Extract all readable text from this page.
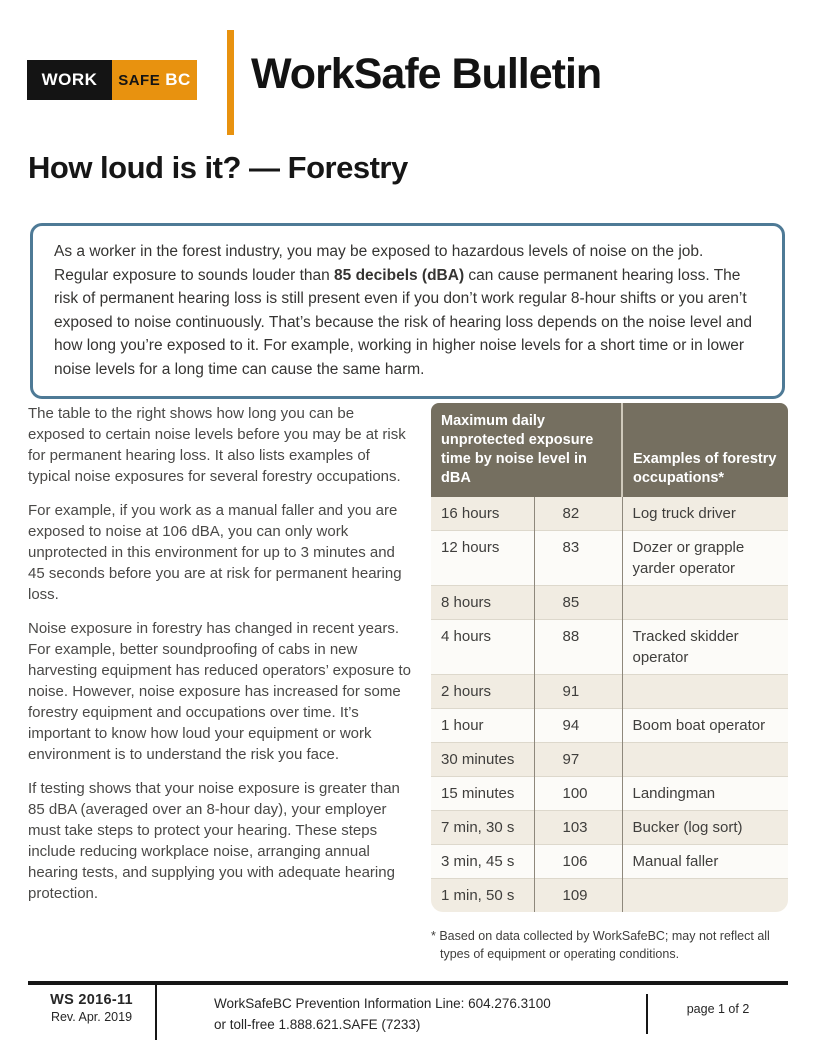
WORK SAFE BC WorkSafe Bulletin
How loud is it? — Forestry

As a worker in the forest industry, you may be exposed to hazardous levels of noise on the job. Regular exposure to sounds louder than 85 decibels (dBA) can cause permanent hearing loss. The risk of permanent hearing loss is still present even if you don’t work regular 8-hour shifts or you aren’t exposed to noise continuously. That’s because the risk of hearing loss depends on the noise level and how long you’re exposed to it. For example, working in higher noise levels for a short time or in lower noise levels for a long time can cause the same harm.

The table to the right shows how long you can be exposed to certain noise levels before you may be at risk for permanent hearing loss. It also lists examples of typical noise exposures for several forestry occupations.

For example, if you work as a manual faller and you are exposed to noise at 106 dBA, you can only work unprotected in this environment for up to 3 minutes and 45 seconds before you are at risk for permanent hearing loss.

Noise exposure in forestry has changed in recent years. For example, better soundproofing of cabs in new harvesting equipment has reduced operators’ exposure to noise. However, noise exposure has increased for some forestry equipment and occupations over time. It’s important to know how loud your equipment or work environment is to understand the risk you face.

If testing shows that your noise exposure is greater than 85 dBA (averaged over an 8-hour day), your employer must take steps to protect your hearing. These steps include reducing workplace noise, arranging annual hearing tests, and supplying you with adequate hearing protection.

Maximum daily unprotected exposure time by noise level in dBA		Examples of forestry occupations*
16 hours	82	Log truck driver
12 hours	83	Dozer or grapple yarder operator
8 hours	85	
4 hours	88	Tracked skidder operator
2 hours	91	
1 hour	94	Boom boat operator
30 minutes	97	
15 minutes	100	Landingman
7 min, 30 s	103	Bucker (log sort)
3 min, 45 s	106	Manual faller
1 min, 50 s	109	

* Based on data collected by WorkSafeBC; may not reflect all types of equipment or operating conditions.

WS 2016-11
Rev. Apr. 2019
WorkSafeBC Prevention Information Line: 604.276.3100
or toll-free 1.888.621.SAFE (7233)
page 1 of 2
